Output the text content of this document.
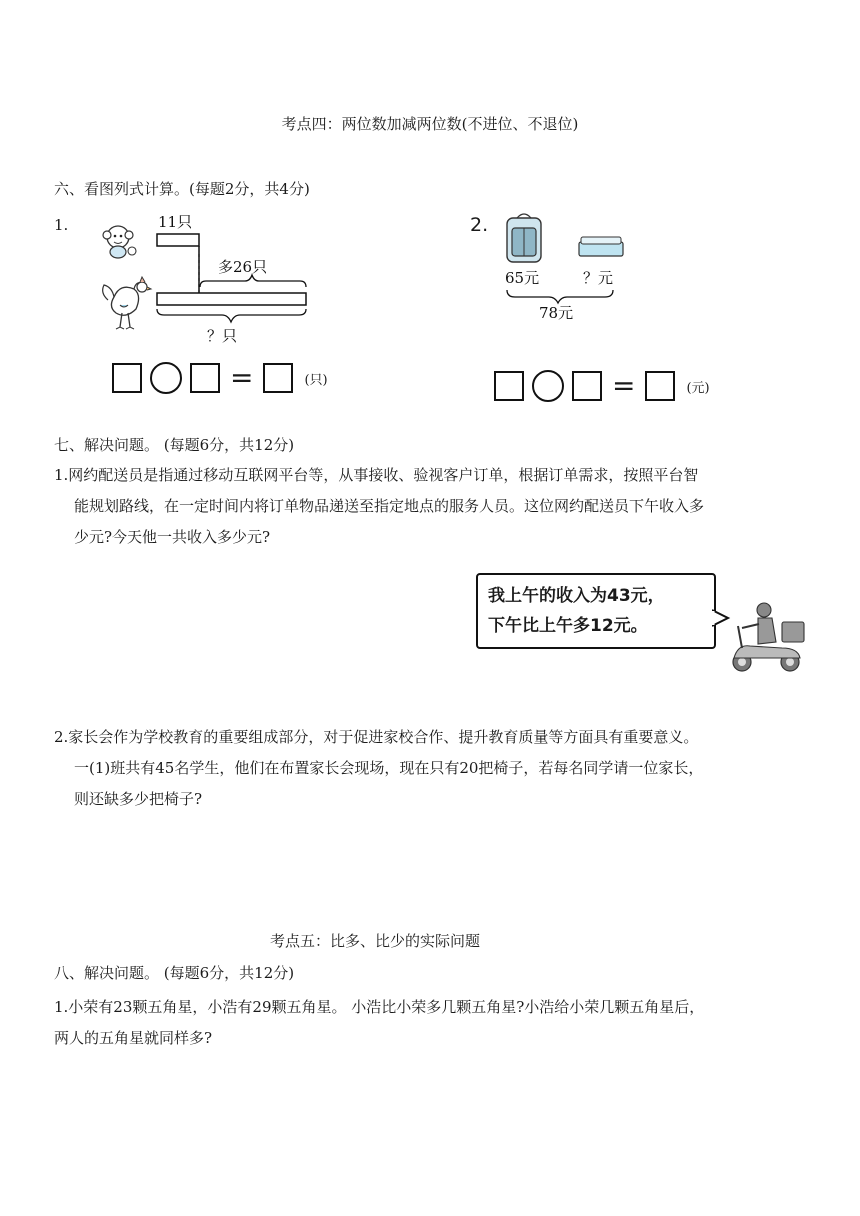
考点四：两位数加减两位数(不进位、不退位)
六、看图列式计算。(每题2分，共4分)
1.	11只
多26只
？只
=	(只)
2.
65元	？元
78元
=	(元)
七、解决问题。 (每题6分，共12分)
1.网约配送员是指通过移动互联网平台等，从事接收、验视客户订单，根据订单需求，按照平台智
能规划路线，在一定时间内将订单物品递送至指定地点的服务人员。这位网约配送员下午收入多
少元?今天他一共收入多少元?
我上午的收入为43元，
下午比上午多12元。
2.家长会作为学校教育的重要组成部分，对于促进家校合作、提升教育质量等方面具有重要意义。
一(1)班共有45名学生，他们在布置家长会现场，现在只有20把椅子，若每名同学请一位家长，
则还缺多少把椅子?
考点五：比多、比少的实际问题
八、解决问题。 (每题6分，共12分)
1.小荣有23颗五角星，小浩有29颗五角星。 小浩比小荣多几颗五角星?小浩给小荣几颗五角星后，
两人的五角星就同样多?
